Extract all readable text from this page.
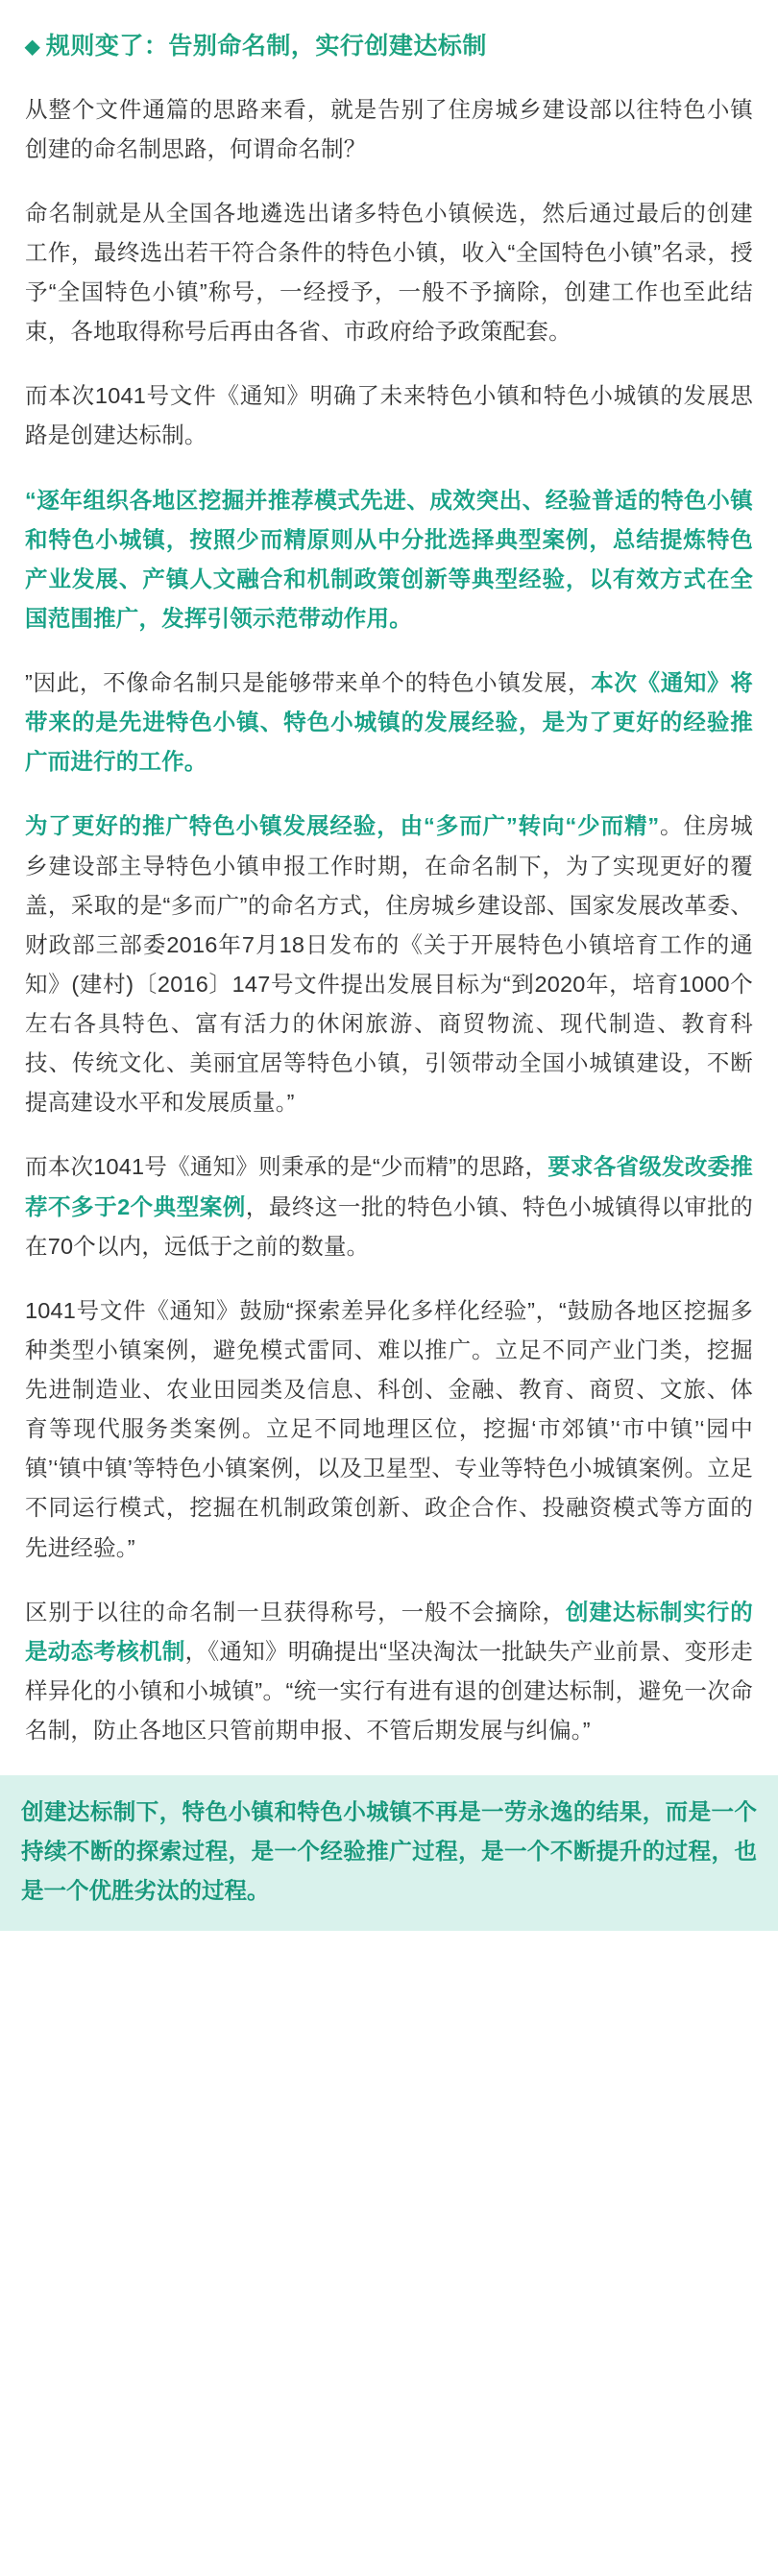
◆ 规则变了：告别命名制，实行创建达标制

从整个文件通篇的思路来看，就是告别了住房城乡建设部以往特色小镇创建的命名制思路，何谓命名制？

命名制就是从全国各地遴选出诸多特色小镇候选，然后通过最后的创建工作，最终选出若干符合条件的特色小镇，收入“全国特色小镇”名录，授予“全国特色小镇”称号，一经授予，一般不予摘除，创建工作也至此结束，各地取得称号后再由各省、市政府给予政策配套。

而本次1041号文件《通知》明确了未来特色小镇和特色小城镇的发展思路是创建达标制。

“逐年组织各地区挖掘并推荐模式先进、成效突出、经验普适的特色小镇和特色小城镇，按照少而精原则从中分批选择典型案例，总结提炼特色产业发展、产镇人文融合和机制政策创新等典型经验，以有效方式在全国范围推广，发挥引领示范带动作用。

”因此，不像命名制只是能够带来单个的特色小镇发展，本次《通知》将带来的是先进特色小镇、特色小城镇的发展经验，是为了更好的经验推广而进行的工作。

为了更好的推广特色小镇发展经验，由“多而广”转向“少而精”。住房城乡建设部主导特色小镇申报工作时期，在命名制下，为了实现更好的覆盖，采取的是“多而广”的命名方式，住房城乡建设部、国家发展改革委、财政部三部委2016年7月18日发布的《关于开展特色小镇培育工作的通知》(建村)〔2016〕147号文件提出发展目标为“到2020年，培育1000个左右各具特色、富有活力的休闲旅游、商贸物流、现代制造、教育科技、传统文化、美丽宜居等特色小镇，引领带动全国小城镇建设，不断提高建设水平和发展质量。”

而本次1041号《通知》则秉承的是“少而精”的思路，要求各省级发改委推荐不多于2个典型案例，最终这一批的特色小镇、特色小城镇得以审批的在70个以内，远低于之前的数量。

1041号文件《通知》鼓励“探索差异化多样化经验”，“鼓励各地区挖掘多种类型小镇案例，避免模式雷同、难以推广。立足不同产业门类，挖掘先进制造业、农业田园类及信息、科创、金融、教育、商贸、文旅、体育等现代服务类案例。立足不同地理区位，挖掘‘市郊镇’‘市中镇’‘园中镇’‘镇中镇’等特色小镇案例，以及卫星型、专业等特色小城镇案例。立足不同运行模式，挖掘在机制政策创新、政企合作、投融资模式等方面的先进经验。”

区别于以往的命名制一旦获得称号，一般不会摘除，创建达标制实行的是动态考核机制，《通知》明确提出“坚决淘汰一批缺失产业前景、变形走样异化的小镇和小城镇”。“统一实行有进有退的创建达标制，避免一次命名制，防止各地区只管前期申报、不管后期发展与纠偏。”

创建达标制下，特色小镇和特色小城镇不再是一劳永逸的结果，而是一个持续不断的探索过程，是一个经验推广过程，是一个不断提升的过程，也是一个优胜劣汰的过程。
